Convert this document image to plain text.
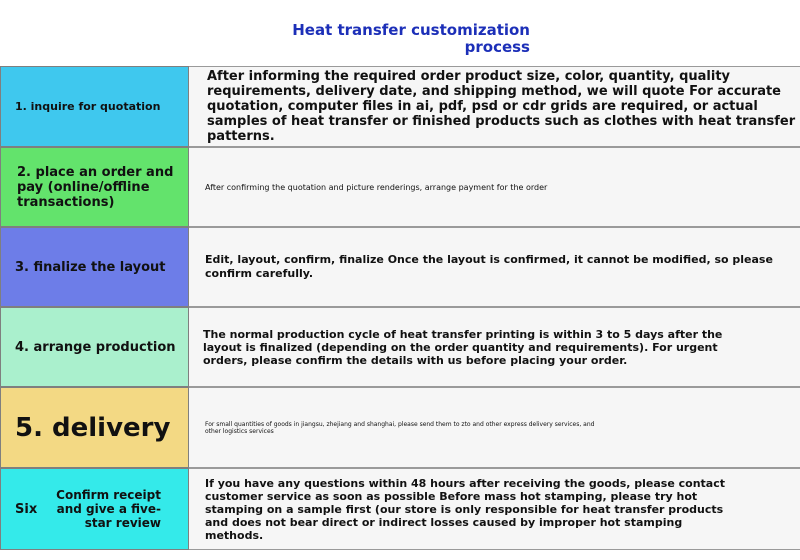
Heat transfer customization process
1. inquire for quotation
After informing the required order product size, color, quantity, quality requirements, delivery date, and shipping method, we will quote For accurate quotation, computer files in ai, pdf, psd or cdr grids are required, or actual samples of heat transfer or finished products such as clothes with heat transfer patterns.
2. place an order and pay (online/offline transactions)
After confirming the quotation and picture renderings, arrange payment for the order
3. finalize the layout	Edit, layout, confirm, finalize Once the layout is confirmed, it cannot be modified, so please confirm carefully.
4. arrange production
The normal production cycle of heat transfer printing is within 3 to 5 days after the layout is finalized (depending on the order quantity and requirements). For urgent orders, please confirm the details with us before placing your order.
5. delivery	For small quantities of goods in jiangsu, zhejiang and shanghai, please send them to zto and other express delivery services, and other logistics services
Six
Confirm receipt and give a five-star review
If you have any questions within 48 hours after receiving the goods, please contact customer service as soon as possible Before mass hot stamping, please try hot stamping on a sample first (our store is only responsible for heat transfer products and does not bear direct or indirect losses caused by improper hot stamping methods.
